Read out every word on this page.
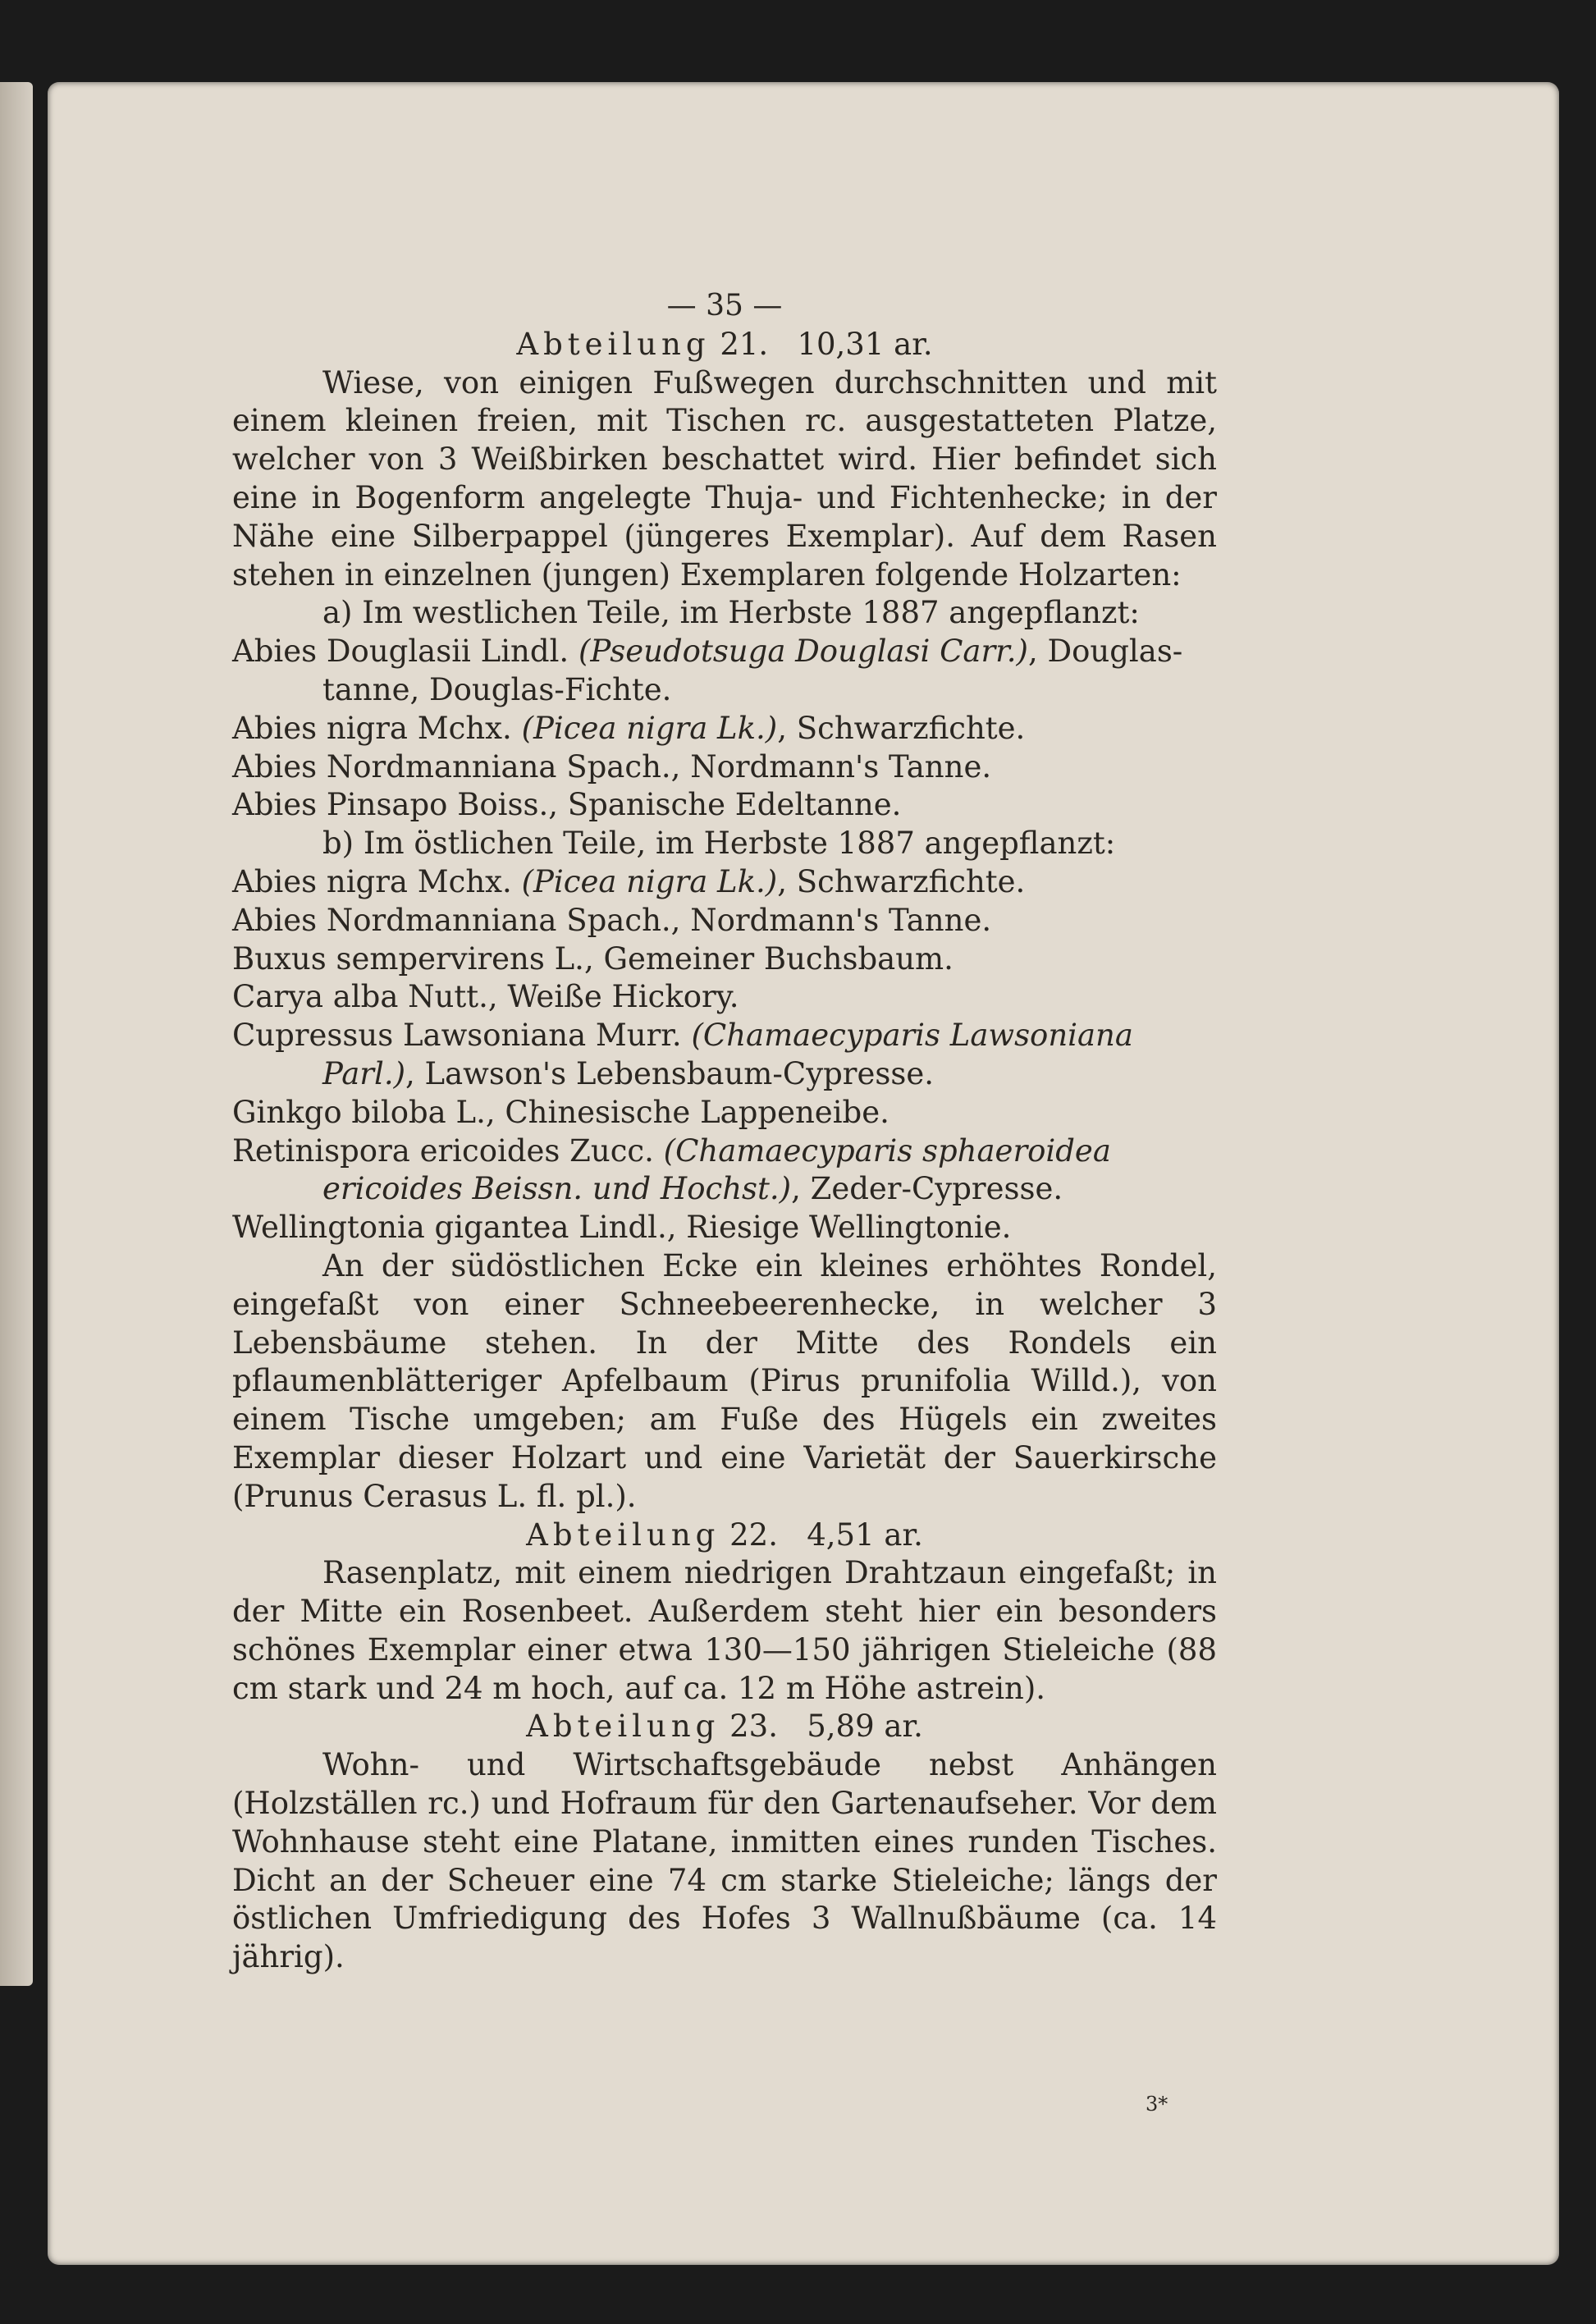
— 35 —

Abteilung 21. 10,31 ar.

Wiese, von einigen Fußwegen durchschnitten und mit einem kleinen freien, mit Tischen rc. ausgestatteten Platze, welcher von 3 Weißbirken beschattet wird. Hier befindet sich eine in Bogenform angelegte Thuja- und Fichtenhecke; in der Nähe eine Silberpappel (jüngeres Exemplar). Auf dem Rasen stehen in einzelnen (jungen) Exemplaren folgende Holzarten:

a) Im westlichen Teile, im Herbste 1887 angepflanzt:

Abies Douglasii Lindl. (Pseudotsuga Douglasi Carr.), Douglas-tanne, Douglas-Fichte.

Abies nigra Mchx. (Picea nigra Lk.), Schwarzfichte.

Abies Nordmanniana Spach., Nordmann's Tanne.

Abies Pinsapo Boiss., Spanische Edeltanne.

b) Im östlichen Teile, im Herbste 1887 angepflanzt:

Abies nigra Mchx. (Picea nigra Lk.), Schwarzfichte.

Abies Nordmanniana Spach., Nordmann's Tanne.

Buxus sempervirens L., Gemeiner Buchsbaum.

Carya alba Nutt., Weiße Hickory.

Cupressus Lawsoniana Murr. (Chamaecyparis Lawsoniana Parl.), Lawson's Lebensbaum-Cypresse.

Ginkgo biloba L., Chinesische Lappeneibe.

Retinispora ericoides Zucc. (Chamaecyparis sphaeroidea ericoides Beissn. und Hochst.), Zeder-Cypresse.

Wellingtonia gigantea Lindl., Riesige Wellingtonie.

An der südöstlichen Ecke ein kleines erhöhtes Rondel, eingefaßt von einer Schneebeerenhecke, in welcher 3 Lebensbäume stehen. In der Mitte des Rondels ein pflaumenblätteriger Apfelbaum (Pirus prunifolia Willd.), von einem Tische umgeben; am Fuße des Hügels ein zweites Exemplar dieser Holzart und eine Varietät der Sauerkirsche (Prunus Cerasus L. fl. pl.).

Abteilung 22. 4,51 ar.

Rasenplatz, mit einem niedrigen Drahtzaun eingefaßt; in der Mitte ein Rosenbeet. Außerdem steht hier ein besonders schönes Exemplar einer etwa 130—150 jährigen Stieleiche (88 cm stark und 24 m hoch, auf ca. 12 m Höhe astrein).

Abteilung 23. 5,89 ar.

Wohn- und Wirtschaftsgebäude nebst Anhängen (Holzställen rc.) und Hofraum für den Gartenaufseher. Vor dem Wohnhause steht eine Platane, inmitten eines runden Tisches. Dicht an der Scheuer eine 74 cm starke Stieleiche; längs der östlichen Umfriedigung des Hofes 3 Wallnußbäume (ca. 14 jährig).

3*
